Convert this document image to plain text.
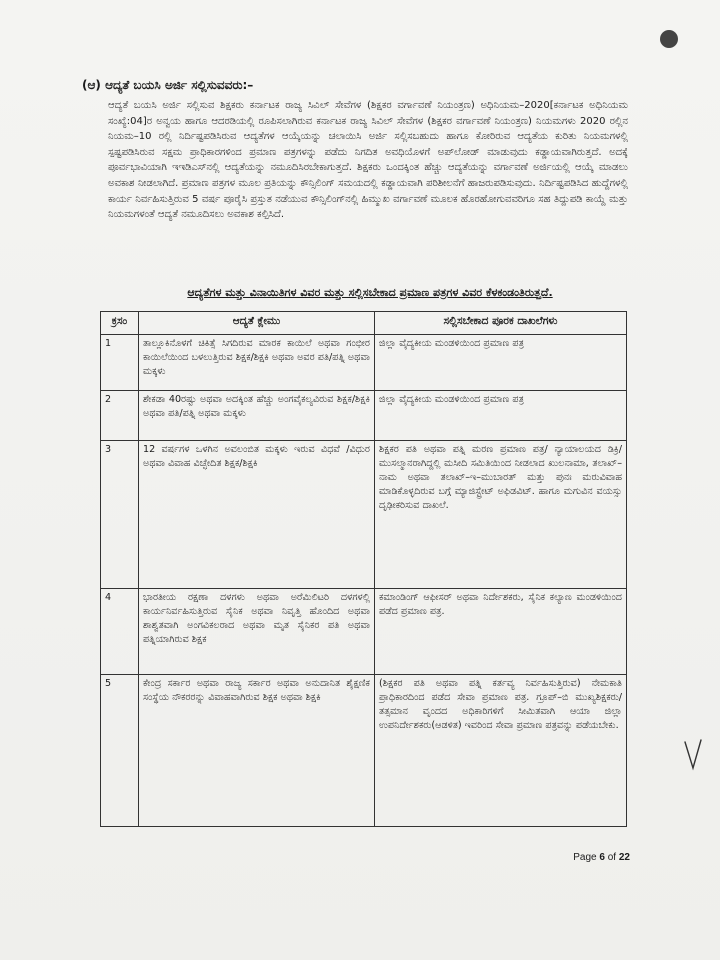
(ಆ) ಆದ್ಯತೆ ಬಯಸಿ ಅರ್ಜಿ ಸಲ್ಲಿಸುವವರು:–
ಆದ್ಯತೆ ಬಯಸಿ ಅರ್ಜಿ ಸಲ್ಲಿಸುವ ಶಿಕ್ಷಕರು ಕರ್ನಾಟಕ ರಾಜ್ಯ ಸಿವಿಲ್ ಸೇವೆಗಳ (ಶಿಕ್ಷಕರ ವರ್ಗಾವಣೆ ನಿಯಂತ್ರಣ) ಅಧಿನಿಯಮ–2020[ಕರ್ನಾಟಕ ಅಧಿನಿಯಮ ಸಂಖ್ಯೆ:04]ರ ಅನ್ವಯ ಹಾಗೂ ಆದರಡಿಯಲ್ಲಿ ರೂಪಿಸಲಾಗಿರುವ ಕರ್ನಾಟಕ ರಾಜ್ಯ ಸಿವಿಲ್ ಸೇವೆಗಳ (ಶಿಕ್ಷಕರ ವರ್ಗಾವಣೆ ನಿಯಂತ್ರಣ) ನಿಯಮಗಳು 2020 ರಲ್ಲಿನ ನಿಯಮ–10 ರಲ್ಲಿ ನಿರ್ದಿಷ್ಟಪಡಿಸಿರುವ ಆದ್ಯತೆಗಳ ಆಯ್ಕೆಯನ್ನು ಚಲಾಯಿಸಿ ಅರ್ಜಿ ಸಲ್ಲಿಸಬಹುದು ಹಾಗೂ ಕೋರಿರುವ ಆದ್ಯತೆಯ ಕುರಿತು ನಿಯಮಗಳಲ್ಲಿ ಸ್ಪಷ್ಟಪಡಿಸಿರುವ ಸಕ್ಷಮ ಪ್ರಾಧಿಕಾರಗಳಿಂದ ಪ್ರಮಾಣ ಪತ್ರಗಳನ್ನು ಪಡೆದು ನಿಗದಿತ ಅವಧಿಯೊಳಗೆ ಅಪ್‌ಲೋಡ್ ಮಾಡುವುದು ಕಡ್ಡಾಯವಾಗಿರುತ್ತದೆ. ಅದಕ್ಕೆ ಪೂರ್ವಭಾವಿಯಾಗಿ ಇಇಡಿಎಸ್‌ನಲ್ಲಿ ಆದ್ಯತೆಯನ್ನು ನಮೂದಿಸಿರಬೇಕಾಗುತ್ತದೆ. ಶಿಕ್ಷಕರು ಒಂದಕ್ಕಿಂತ ಹೆಚ್ಚು ಆದ್ಯತೆಯನ್ನು ವರ್ಗಾವಣೆ ಅರ್ಜಿಯಲ್ಲಿ ಆಯ್ಕೆ ಮಾಡಲು ಅವಕಾಶ ನೀಡಲಾಗಿದೆ. ಪ್ರಮಾಣ ಪತ್ರಗಳ ಮೂಲ ಪ್ರತಿಯನ್ನು ಕೌನ್ಸಿಲಿಂಗ್ ಸಮಯದಲ್ಲಿ ಕಡ್ಡಾಯವಾಗಿ ಪರಿಶೀಲನೆಗೆ ಹಾಜರುಪಡಿಸುವುದು. ನಿರ್ದಿಷ್ಟಪಡಿಸಿದ ಹುದ್ದೆಗಳಲ್ಲಿ ಕಾರ್ಯ ನಿರ್ವಹಿಸುತ್ತಿರುವ 5 ವರ್ಷ ಪೂರೈಸಿ ಪ್ರಸ್ತುತ ನಡೆಯುವ ಕೌನ್ಸಿಲಿಂಗ್‌ನಲ್ಲಿ ಹಿಮ್ಮುಖ ವರ್ಗಾವಣೆ ಮೂಲಕ ಹೊರಹೋಗುವವರಿಗೂ ಸಹ ತಿದ್ದುಪಡಿ ಕಾಯ್ದೆ ಮತ್ತು ನಿಯಮಗಳಂತೆ ಆದ್ಯತೆ ನಮೂದಿಸಲು ಅವಕಾಶ ಕಲ್ಪಿಸಿದೆ.
ಆದ್ಯತೆಗಳ ಮತ್ತು ವಿನಾಯಿತಿಗಳ ವಿವರ ಮತ್ತು ಸಲ್ಲಿಸಬೇಕಾದ ಪ್ರಮಾಣ ಪತ್ರಗಳ ವಿವರ ಕೆಳಕಂಡಂತಿರುತ್ತದೆ.
ಕ್ರಸಂ	ಆದ್ಯತೆ ಕ್ಲೇಮು	ಸಲ್ಲಿಸಬೇಕಾದ ಪೂರಕ ದಾಖಲೆಗಳು
1	ತಾಲ್ಲೂಕಿನೊಳಗೆ ಚಿಕಿತ್ಸೆ ಸಿಗದಿರುವ ಮಾರಕ ಕಾಯಿಲೆ ಅಥವಾ ಗಂಭೀರ ಕಾಯಿಲೆಯಿಂದ ಬಳಲುತ್ತಿರುವ ಶಿಕ್ಷಕ/ಶಿಕ್ಷಕಿ ಅಥವಾ ಅವರ ಪತಿ/ಪತ್ನಿ ಅಥವಾ ಮಕ್ಕಳು	ಜಿಲ್ಲಾ ವೈದ್ಯಕೀಯ ಮಂಡಳಿಯಿಂದ ಪ್ರಮಾಣ ಪತ್ರ
2	ಶೇಕಡಾ 40ರಷ್ಟು ಅಥವಾ ಅದಕ್ಕಿಂತ ಹೆಚ್ಚು ಅಂಗವೈಕಲ್ಯವಿರುವ ಶಿಕ್ಷಕ/ಶಿಕ್ಷಕಿ ಅಥವಾ ಪತಿ/ಪತ್ನಿ ಅಥವಾ ಮಕ್ಕಳು	ಜಿಲ್ಲಾ ವೈದ್ಯಕೀಯ ಮಂಡಳಿಯಿಂದ ಪ್ರಮಾಣ ಪತ್ರ
3	12 ವರ್ಷಗಳ ಒಳಗಿನ ಅವಲಂಬಿತ ಮಕ್ಕಳು ಇರುವ ವಿಧವೆ /ವಿಧುರ ಅಥವಾ ವಿವಾಹ ವಿಚ್ಛೇದಿತ ಶಿಕ್ಷಕ/ಶಿಕ್ಷಕಿ	ಶಿಕ್ಷಕರ ಪತಿ ಅಥವಾ ಪತ್ನಿ ಮರಣ ಪ್ರಮಾಣ ಪತ್ರ/ ನ್ಯಾಯಾಲಯದ ಡಿಕ್ರಿ/ ಮುಸಲ್ಮಾನರಾಗಿದ್ದಲ್ಲಿ ಮಸೀದಿ ಸಮಿತಿಯಿಂದ ನೀಡಲಾದ ಖುಲನಾಮಾ, ತಲಾಖ್–ನಾಮ ಅಥವಾ ತಲಾಖ್–ಇ–ಮುಬಾರತ್ ಮತ್ತು ಪುನಃ ಮರುವಿವಾಹ ಮಾಡಿಕೊಳ್ಳದಿರುವ ಬಗ್ಗೆ ಮ್ಯಾಜಿಸ್ಟ್ರೇಟ್ ಅಫಿಡವಿಟ್. ಹಾಗೂ ಮಗುವಿನ ವಯಸ್ಸು ದೃಢೀಕರಿಸುವ ದಾಖಲೆ.
4	ಭಾರತೀಯ ರಕ್ಷಣಾ ದಳಗಳು ಅಥವಾ ಅರೆಮಿಲಿಟರಿ ದಳಗಳಲ್ಲಿ ಕಾರ್ಯನಿರ್ವಹಿಸುತ್ತಿರುವ ಸೈನಿಕ ಅಥವಾ ನಿವೃತ್ತಿ ಹೊಂದಿದ ಅಥವಾ ಶಾಶ್ವತವಾಗಿ ಅಂಗವಿಕಲರಾದ ಅಥವಾ ಮೃತ ಸೈನಿಕರ ಪತಿ ಅಥವಾ ಪತ್ನಿಯಾಗಿರುವ ಶಿಕ್ಷಕ	ಕಮಾಂಡಿಂಗ್ ಆಫೀಸರ್ ಅಥವಾ ನಿರ್ದೇಶಕರು, ಸೈನಿಕ ಕಲ್ಯಾಣ ಮಂಡಳಿಯಿಂದ ಪಡೆದ ಪ್ರಮಾಣ ಪತ್ರ.
5	ಕೇಂದ್ರ ಸರ್ಕಾರ ಅಥವಾ ರಾಜ್ಯ ಸರ್ಕಾರ ಅಥವಾ ಅನುದಾನಿತ ಶೈಕ್ಷಣಿಕ ಸಂಸ್ಥೆಯ ನೌಕರರನ್ನು ವಿವಾಹವಾಗಿರುವ ಶಿಕ್ಷಕ ಅಥವಾ ಶಿಕ್ಷಕಿ	(ಶಿಕ್ಷಕರ ಪತಿ ಅಥವಾ ಪತ್ನಿ ಕರ್ತವ್ಯ ನಿರ್ವಹಿಸುತ್ತಿರುವ) ನೇಮಕಾತಿ ಪ್ರಾಧಿಕಾರದಿಂದ ಪಡೆದ ಸೇವಾ ಪ್ರಮಾಣ ಪತ್ರ. ಗ್ರೂಪ್–ಬಿ ಮುಖ್ಯಶಿಕ್ಷಕರು/ತತ್ಸಮಾನ ವೃಂದದ ಅಧಿಕಾರಿಗಳಿಗೆ ಸೀಮಿತವಾಗಿ ಆಯಾ ಜಿಲ್ಲಾ ಉಪನಿರ್ದೇಶಕರು(ಆಡಳಿತ) ಇವರಿಂದ ಸೇವಾ ಪ್ರಮಾಣ ಪತ್ರವನ್ನು ಪಡೆಯಬೇಕು.
Page 6 of 22
